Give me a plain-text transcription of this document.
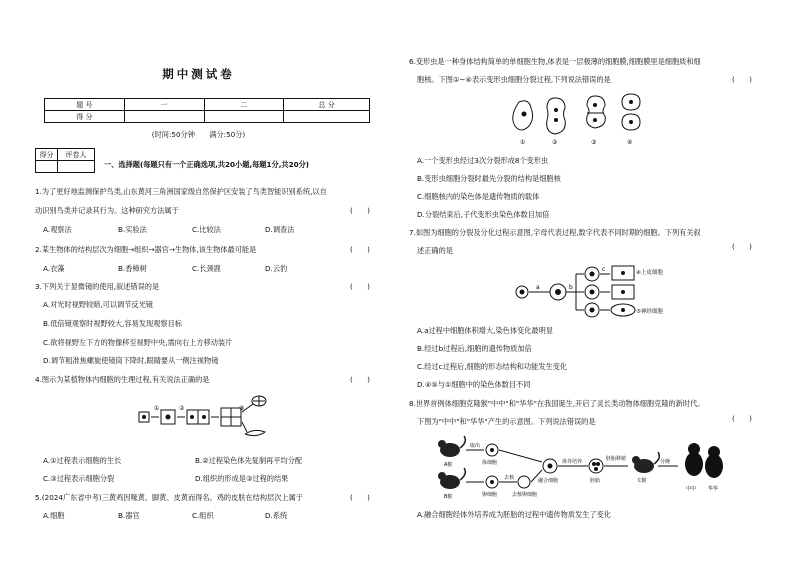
期中测试卷
题 号	一	二	总 分
得 分			
(时间:50分钟　　满分:50分)
得分	评卷人

一、选择题(每题只有一个正确选项,共20小题,每题1分,共20分)
1.为了更好地监测保护鸟类,山东黄河三角洲国家级自然保护区安装了鸟类智能识别系统,以自
动识别鸟类并记录其行为。这种研究方法属于	(　　)
A.观察法	B.实验法	C.比较法	D.调查法
2.某生物体的结构层次为细胞→组织→器官→生物体,该生物体最可能是	(　　)
A.衣藻	B.香樟树	C.长颈鹿	D.云豹
3.下列关于显微镜的使用,叙述错误的是	(　　)
A.对光时视野较暗,可以调节反光镜
B.低倍镜观察时视野较大,容易发现观察目标
C.欲将视野左下方的物像移至视野中央,需向右上方移动装片
D.调节粗准焦螺旋使镜筒下降时,眼睛要从一侧注视物镜
4.图示为某植物体内细胞的生理过程,有关说法正确的是	(　　)
①	②	③
A.①过程表示细胞的生长	B.②过程染色体先复制再平均分配
C.③过程表示细胞分裂	D.组织的形成是③过程的结果
5.(2024广东省中考)三黄鸡因喙黄、脚黄、皮黄而得名。鸡的皮肤在结构层次上属于	(　　)
A.细胞	B.器官	C.组织	D.系统
6.变形虫是一种身体结构简单的单细胞生物,体表是一层极薄的细胞膜,细胞膜里是细胞质和细
胞核。下图①~④表示变形虫细胞分裂过程,下列说法错误的是	(　　)
①	②	③	④
A.一个变形虫经过3次分裂形成8个变形虫
B.变形虫细胞分裂时最先分裂的结构是细胞核
C.细胞核内的染色体是遗传物质的载体
D.分裂结束后,子代变形虫染色体数目加倍
7.如图为细胞的分裂及分化过程示意图,字母代表过程,数字代表不同时期的细胞。下列有关叙
述正确的是	(　　)
a	b
c	④上皮细胞
⑤神经细胞
A.a过程中细胞体积增大,染色体变化最明显
B.经过b过程后,细胞的遗传物质加倍
C.经过c过程后,细胞的形态结构和功能发生变化
D.④⑤与①细胞中的染色体数目不同
8.世界首例体细胞克隆猴"中中"和"华华"在我国诞生,开启了灵长类动物体细胞克隆的新时代。
下图为"中中"和"华华"产生的示意图。下列说法错误的是	(　　)
A猴
B猴
取出
体细胞
卵细胞
去核
去核卵细胞
融合细胞
体外培养
胚胎
胚胎移植
C猴
分娩
中中 华华
A.融合细胞经体外培养成为胚胎的过程中遗传物质发生了变化
